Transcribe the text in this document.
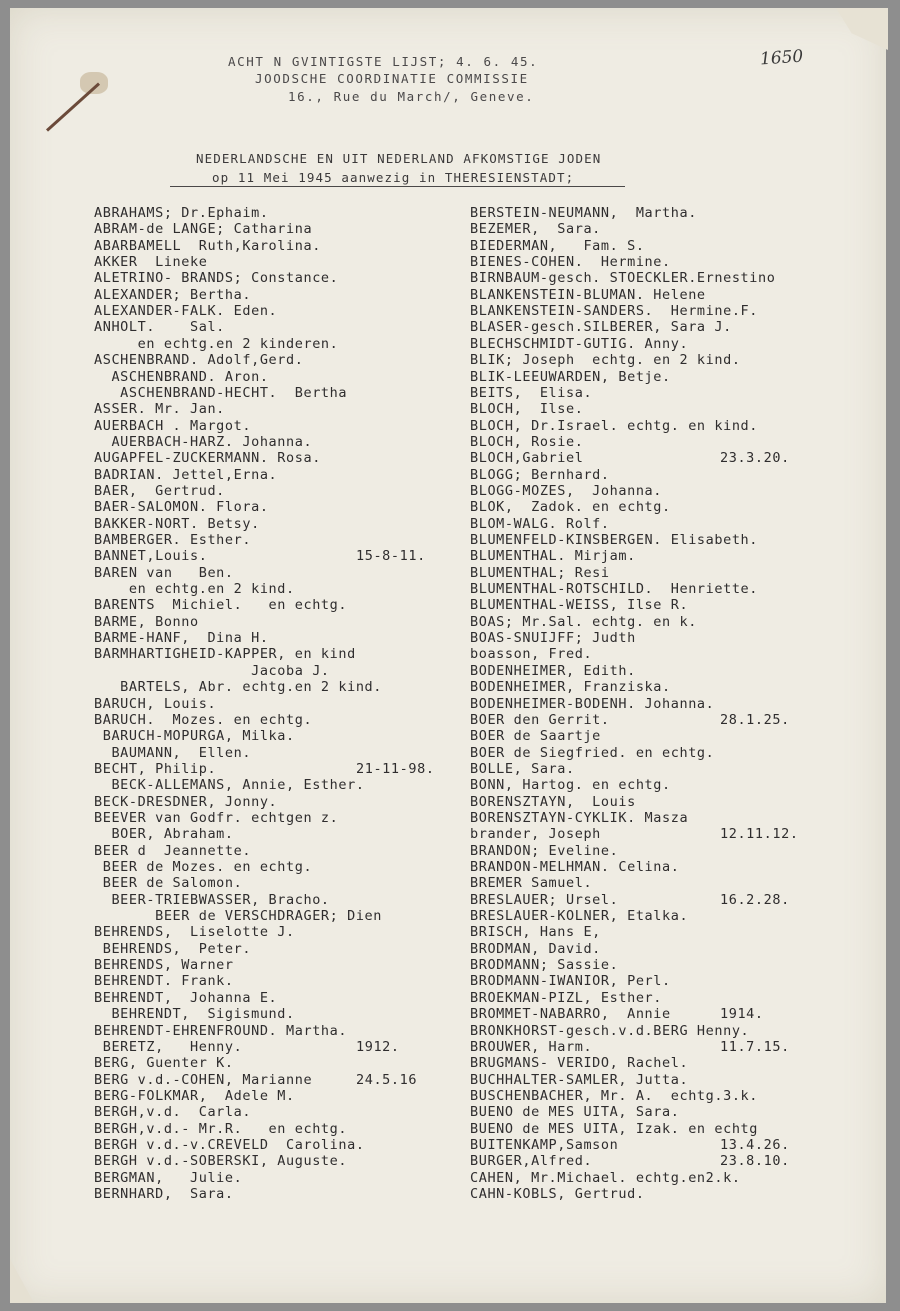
ACHT N GVINTIGSTE LIJST; 4. 6. 45.
JOODSCHE COORDINATIE COMMISSIE
16., Rue du March/, Geneve.
1650
NEDERLANDSCHE EN UIT NEDERLAND AFKOMSTIGE JODEN
op 11 Mei 1945 aanwezig in THERESIENSTADT;
ABRAHAMS; Dr.Ephaim.
ABRAM-de LANGE; Catharina
ABARBAMELL  Ruth,Karolina.
AKKER  Lineke
ALETRINO- BRANDS; Constance.
ALEXANDER; Bertha.
ALEXANDER-FALK. Eden.
ANHOLT.    Sal.
en echtg.en 2 kinderen.
ASCHENBRAND. Adolf,Gerd.
ASCHENBRAND. Aron.
ASCHENBRAND-HECHT.  Bertha
ASSER. Mr. Jan.
AUERBACH . Margot.
AUERBACH-HARZ. Johanna.
AUGAPFEL-ZUCKERMANN. Rosa.
BADRIAN. Jettel,Erna.
BAER,  Gertrud.
BAER-SALOMON. Flora.
BAKKER-NORT. Betsy.
BAMBERGER. Esther.
BANNET,Louis.	15-8-11.
BAREN van   Ben.
en echtg.en 2 kind.
BARENTS  Michiel.   en echtg.
BARME, Bonno
BARME-HANF,  Dina H.
BARMHARTIGHEID-KAPPER, en kind
Jacoba J.
BARTELS, Abr. echtg.en 2 kind.
BARUCH, Louis.
BARUCH.  Mozes. en echtg.
BARUCH-MOPURGA, Milka.
BAUMANN,  Ellen.
BECHT, Philip.	21-11-98.
BECK-ALLEMANS, Annie, Esther.
BECK-DRESDNER, Jonny.
BEEVER van Godfr. echtgen z.
BOER, Abraham.
BEER d  Jeannette.
BEER de Mozes. en echtg.
BEER de Salomon.
BEER-TRIEBWASSER, Bracho.
BEER de VERSCHDRAGER; Dien
BEHRENDS,  Liselotte J.
BEHRENDS,  Peter.
BEHRENDS, Warner
BEHRENDT. Frank.
BEHRENDT,  Johanna E.
BEHRENDT,  Sigismund.
BEHRENDT-EHRENFROUND. Martha.
BERETZ,   Henny.	1912.
BERG, Guenter K.
BERG v.d.-COHEN, Marianne	24.5.16
BERG-FOLKMAR,  Adele M.
BERGH,v.d.  Carla.
BERGH,v.d.- Mr.R.   en echtg.
BERGH v.d.-v.CREVELD  Carolina.
BERGH v.d.-SOBERSKI, Auguste.
BERGMAN,   Julie.
BERNHARD,  Sara.
BERSTEIN-NEUMANN,  Martha.
BEZEMER,  Sara.
BIEDERMAN,   Fam. S.
BIENES-COHEN.  Hermine.
BIRNBAUM-gesch. STOECKLER.Ernestino
BLANKENSTEIN-BLUMAN. Helene
BLANKENSTEIN-SANDERS.  Hermine.F.
BLASER-gesch.SILBERER, Sara J.
BLECHSCHMIDT-GUTIG. Anny.
BLIK; Joseph  echtg. en 2 kind.
BLIK-LEEUWARDEN, Betje.
BEITS,  Elisa.
BLOCH,  Ilse.
BLOCH, Dr.Israel. echtg. en kind.
BLOCH, Rosie.
BLOCH,Gabriel	23.3.20.
BLOGG; Bernhard.
BLOGG-MOZES,  Johanna.
BLOK,  Zadok. en echtg.
BLOM-WALG. Rolf.
BLUMENFELD-KINSBERGEN. Elisabeth.
BLUMENTHAL. Mirjam.
BLUMENTHAL; Resi
BLUMENTHAL-ROTSCHILD.  Henriette.
BLUMENTHAL-WEISS, Ilse R.
BOAS; Mr.Sal. echtg. en k.
BOAS-SNUIJFF; Judth
boasson, Fred.
BODENHEIMER, Edith.
BODENHEIMER, Franziska.
BODENHEIMER-BODENH. Johanna.
BOER den Gerrit.	28.1.25.
BOER de Saartje
BOER de Siegfried. en echtg.
BOLLE, Sara.
BONN, Hartog. en echtg.
BORENSZTAYN,  Louis
BORENSZTAYN-CYKLIK. Masza
brander, Joseph	12.11.12.
BRANDON; Eveline.
BRANDON-MELHMAN. Celina.
BREMER Samuel.
BRESLAUER; Ursel.	16.2.28.
BRESLAUER-KOLNER, Etalka.
BRISCH, Hans E,
BRODMAN, David.
BRODMANN; Sassie.
BRODMANN-IWANIOR, Perl.
BROEKMAN-PIZL, Esther.
BROMMET-NABARRO,  Annie	1914.
BRONKHORST-gesch.v.d.BERG Henny.
BROUWER, Harm.	11.7.15.
BRUGMANS- VERIDO, Rachel.
BUCHHALTER-SAMLER, Jutta.
BUSCHENBACHER, Mr. A.  echtg.3.k.
BUENO de MES UITA, Sara.
BUENO de MES UITA, Izak. en echtg
BUITENKAMP,Samson	13.4.26.
BURGER,Alfred.	23.8.10.
CAHEN, Mr.Michael. echtg.en2.k.
CAHN-KOBLS, Gertrud.
